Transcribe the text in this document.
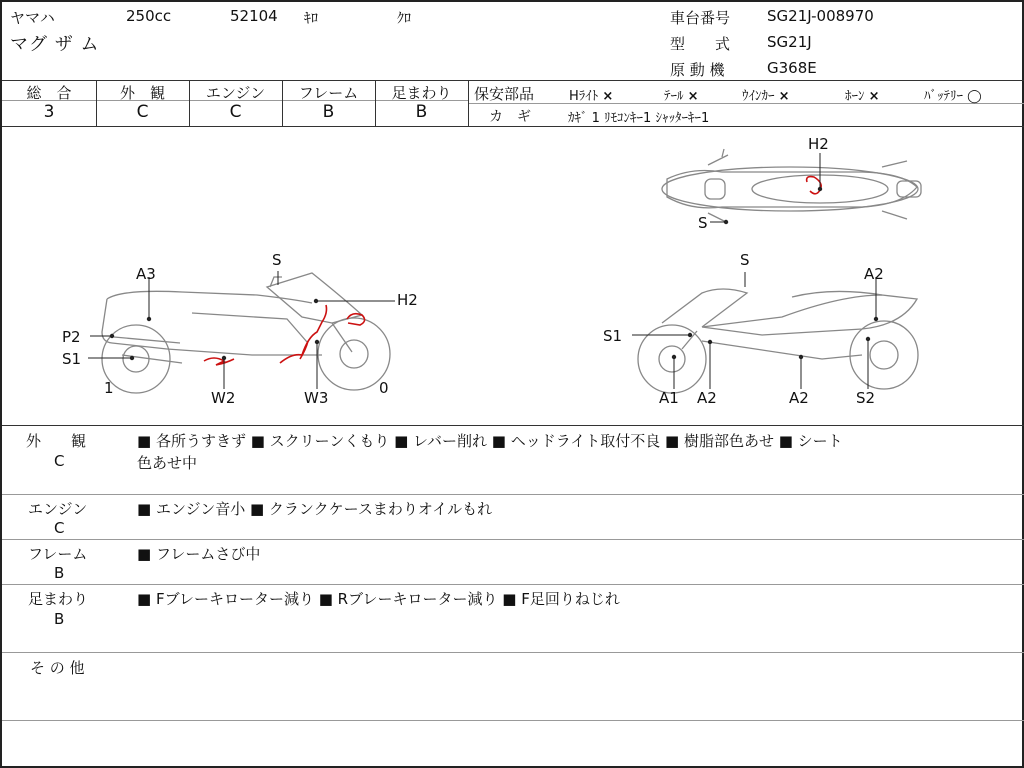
ヤマハ	250cc	52104 ｷﾛ	ｸﾛ
マグ ザ ム
車台番号 SG21J-008970
型　　式 SG21J
原 動 機	G368E
総　合	外　観	エンジン	フレーム	足まわり
3	C	C	B	B
保安部品	Hﾗｲﾄ ×	ﾃｰﾙ ×	ｳｲﾝｶｰ ×	ﾎｰﾝ ×	ﾊﾞｯﾃﾘｰ ◯
カ　ギ	ｶｷﾞ 1 ﾘﾓｺﾝｷｰ1 ｼｬｯﾀｰｷｰ1
H2
S
S
A3
H2
P2
S1
1
W2	W3
0
S
A2
S1
A1 A2	A2	S2
外　　観
C
■ 各所うすきず ■ スクリーンくもり ■ レバー削れ ■ ヘッドライト取付不良 ■ 樹脂部色あせ ■ シート
色あせ中
エンジン
C
■ エンジン音小 ■ クランクケースまわりオイルもれ
フレーム
B
■ フレームさび中
足まわり
B
■ Fブレーキローター減り ■ Rブレーキローター減り ■ F足回りねじれ
そ の 他
